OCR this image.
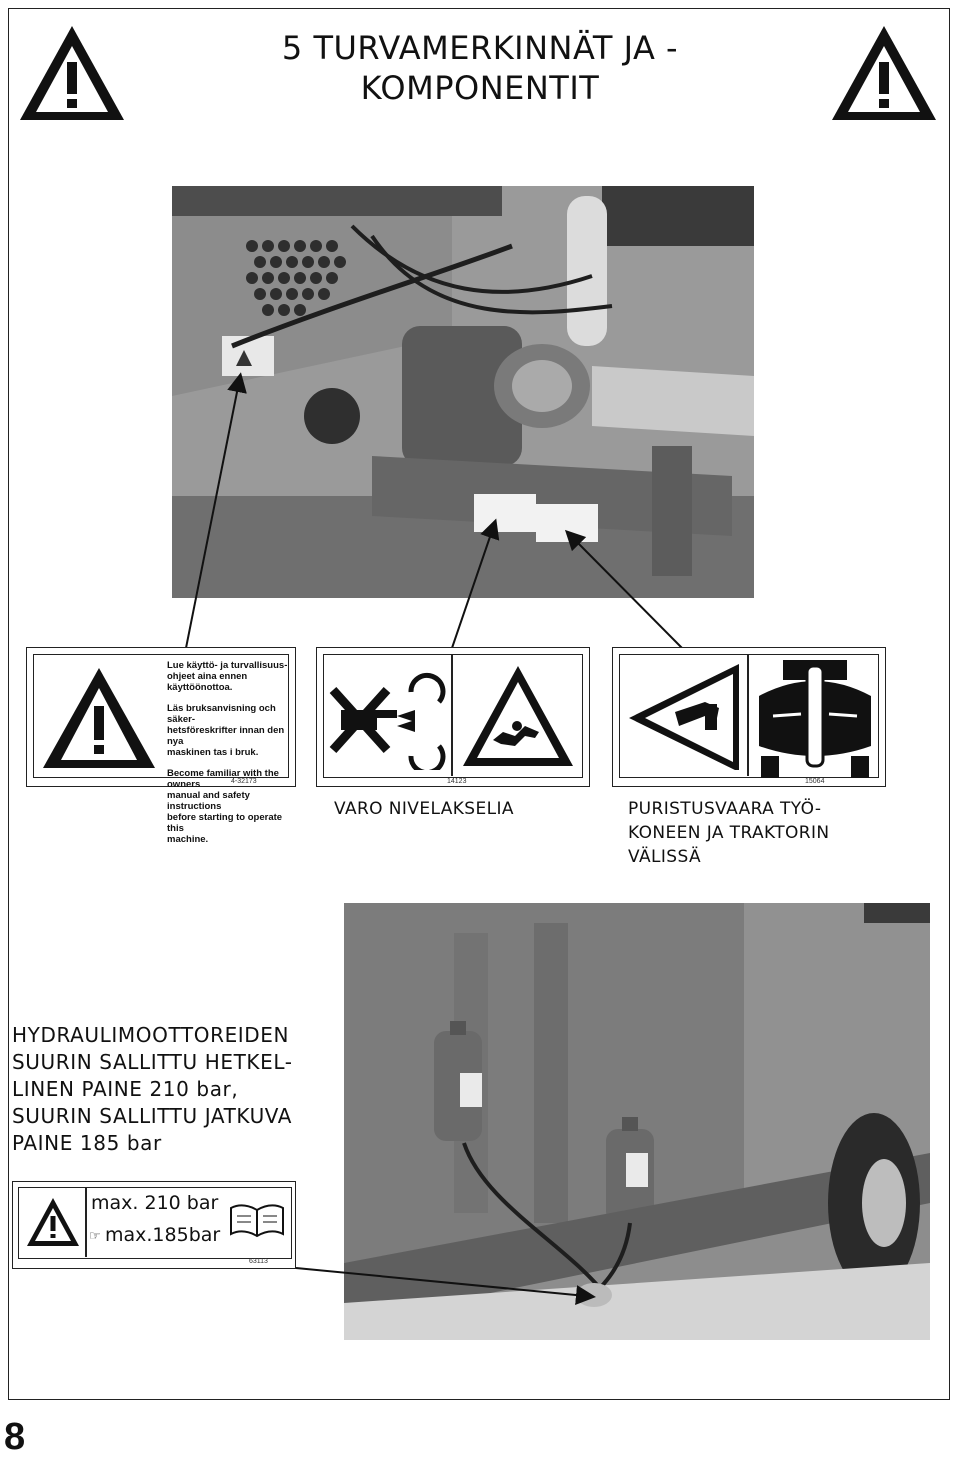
5 TURVAMERKINNÄT JA -
KOMPONENTIT
Lue käyttö- ja turvallisuus-
ohjeet aina ennen käyttöönottoa.
Läs bruksanvisning och säker-
hetsföreskrifter innan den nya
maskinen tas i bruk.
Become familiar with the owners
manual and safety instructions
before starting to operate this
machine.
4-32173	14123	15064
VARO NIVELAKSELIA	PURISTUSVAARA TYÖ-
KONEEN JA TRAKTORIN
VÄLISSÄ
HYDRAULIMOOTTOREIDEN
SUURIN SALLITTU HETKEL-
LINEN PAINE 210 bar,
SUURIN SALLITTU JATKUVA
PAINE 185 bar
max. 210 bar
☞ max.185bar
63113
8
